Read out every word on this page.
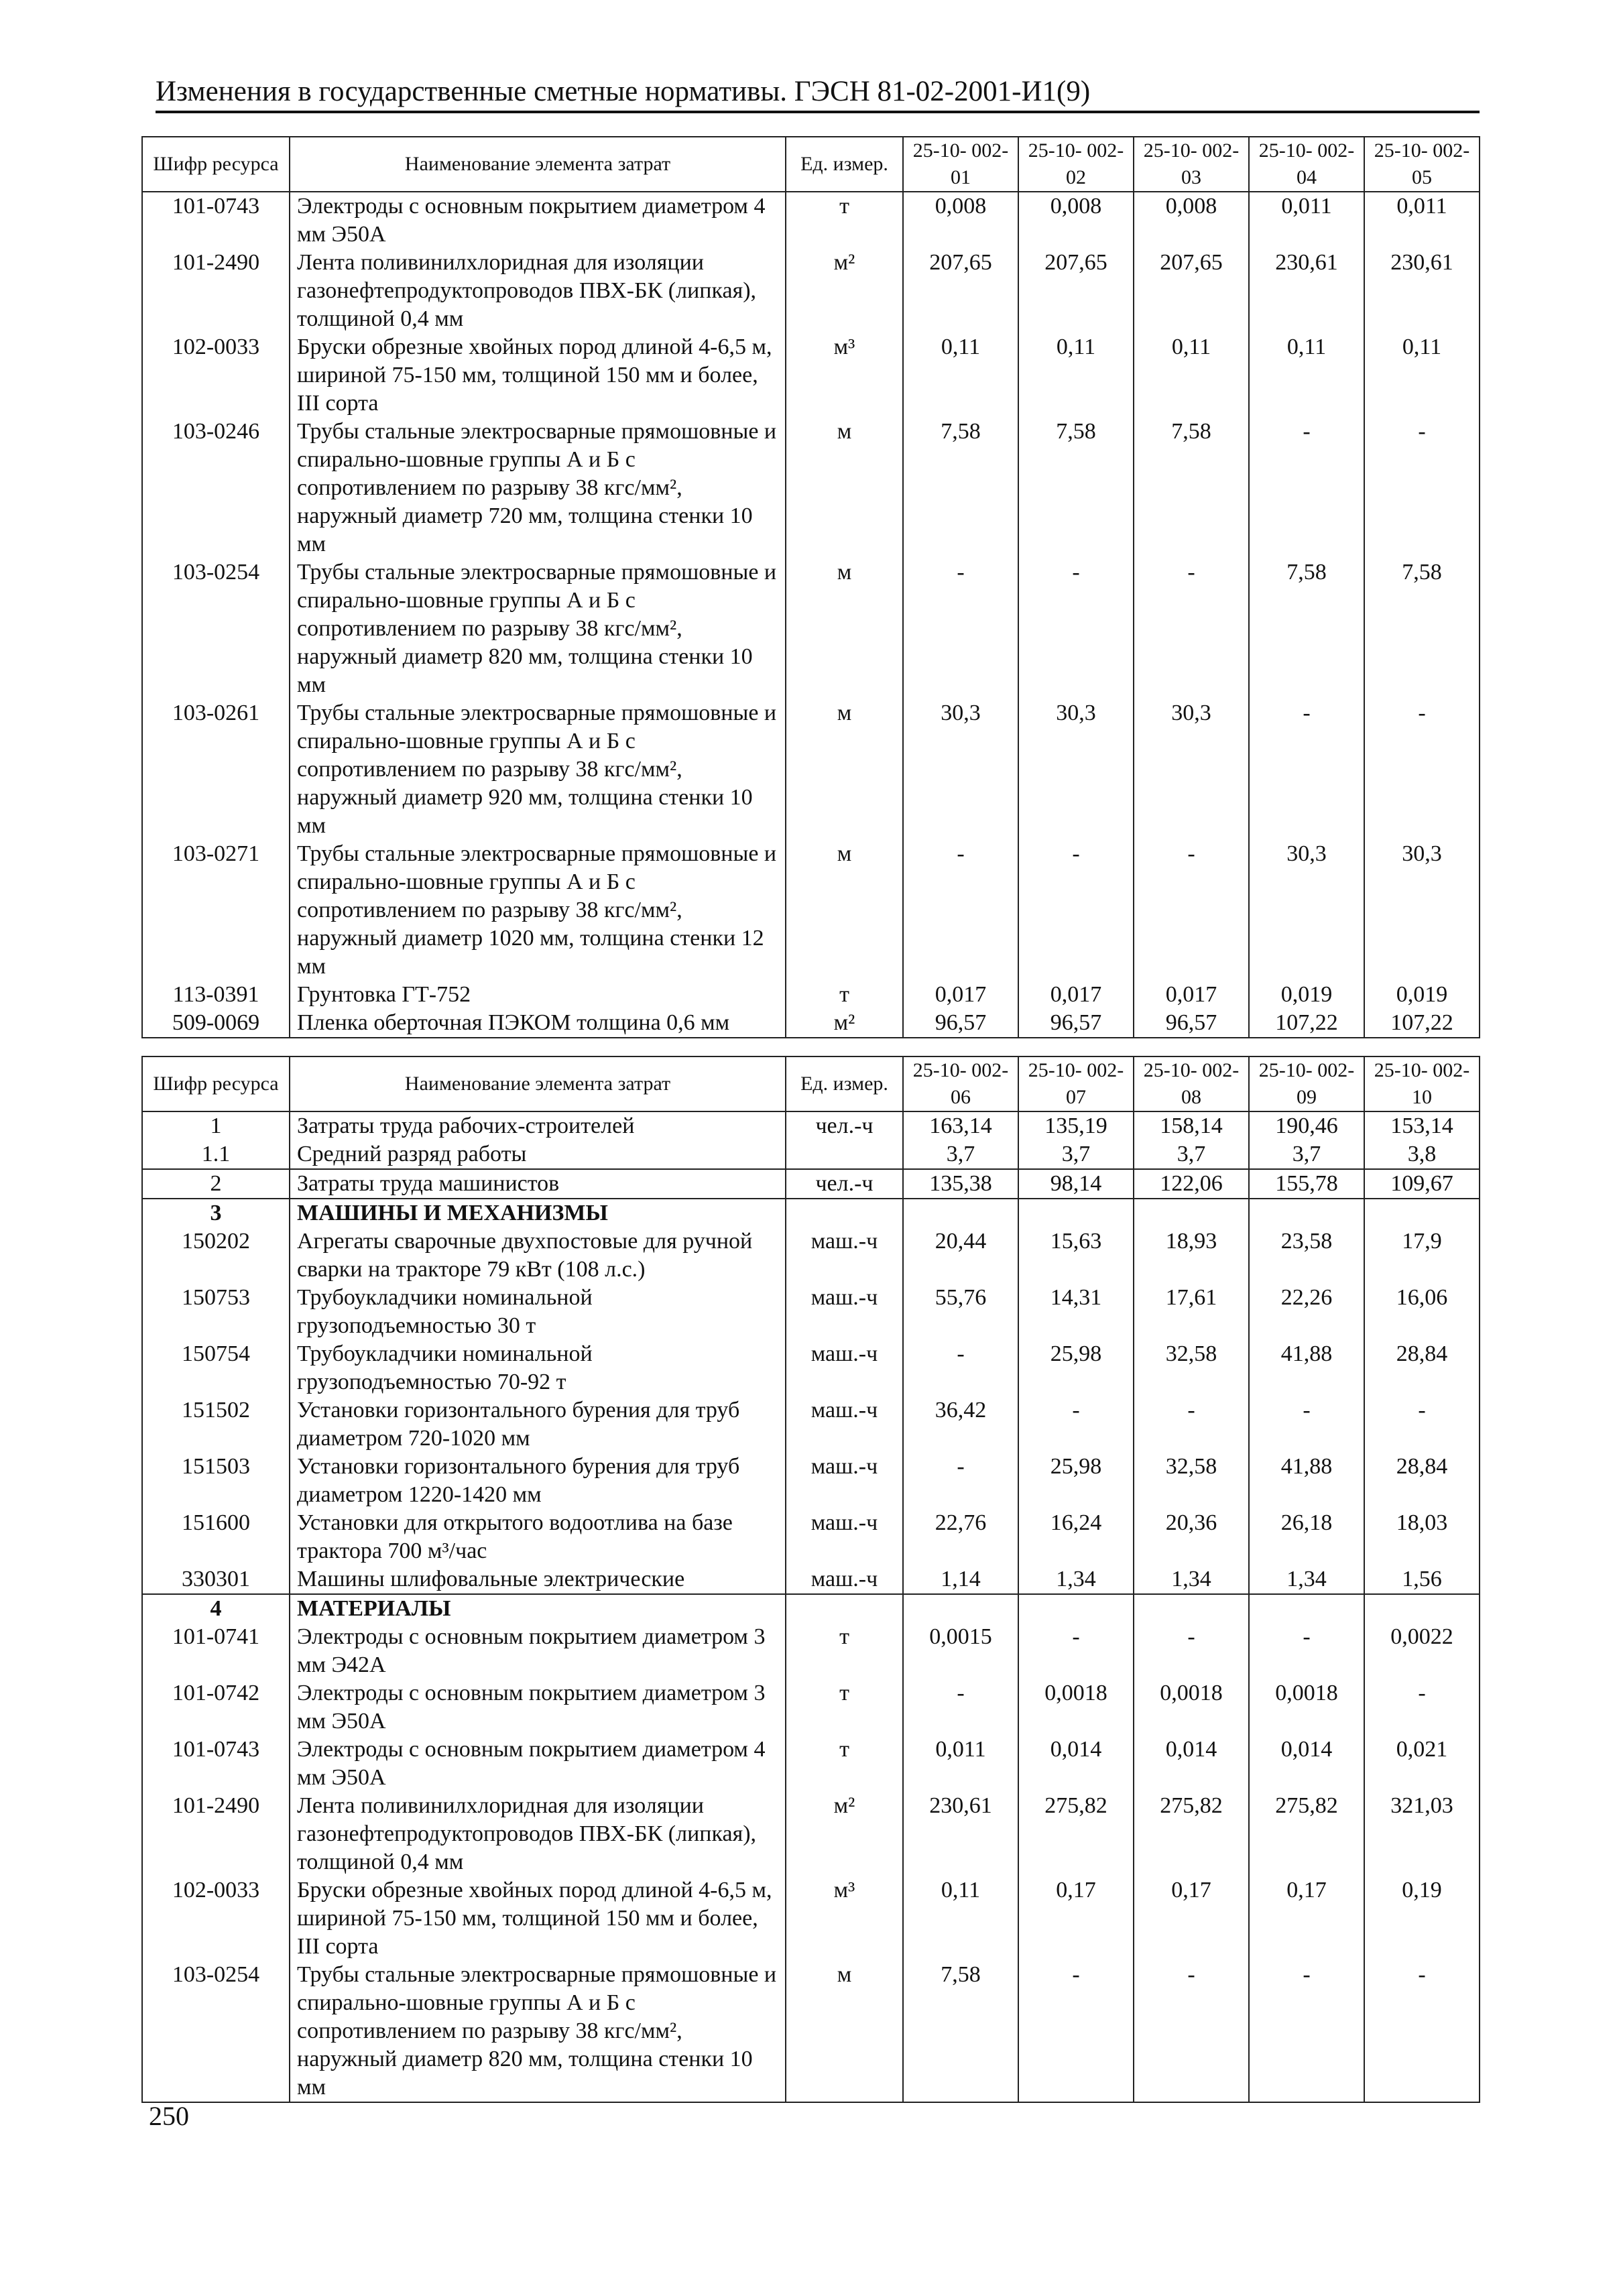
Изменения в государственные сметные нормативы. ГЭСН 81-02-2001-И1(9)
Шифр ресурса	Наименование элемента затрат	Ед. измер.	25-10- 002-01	25-10- 002-02	25-10- 002-03	25-10- 002-04	25-10- 002-05
101-0743	Электроды с основным покрытием диаметром 4 мм Э50А	т	0,008	0,008	0,008	0,011	0,011
101-2490	Лента поливинилхлоридная для изоляции газонефтепродуктопроводов ПВХ-БК (липкая), толщиной 0,4 мм	м²	207,65	207,65	207,65	230,61	230,61
102-0033	Бруски обрезные хвойных пород длиной 4-6,5 м, шириной 75-150 мм, толщиной 150 мм и более, III сорта	м³	0,11	0,11	0,11	0,11	0,11
103-0246	Трубы стальные электросварные прямошовные и спирально-шовные группы А и Б с сопротивлением по разрыву 38 кгс/мм², наружный диаметр 720 мм, толщина стенки 10 мм	м	7,58	7,58	7,58	-	-
103-0254	Трубы стальные электросварные прямошовные и спирально-шовные группы А и Б с сопротивлением по разрыву 38 кгс/мм², наружный диаметр 820 мм, толщина стенки 10 мм	м	-	-	-	7,58	7,58
103-0261	Трубы стальные электросварные прямошовные и спирально-шовные группы А и Б с сопротивлением по разрыву 38 кгс/мм², наружный диаметр 920 мм, толщина стенки 10 мм	м	30,3	30,3	30,3	-	-
103-0271	Трубы стальные электросварные прямошовные и спирально-шовные группы А и Б с сопротивлением по разрыву 38 кгс/мм², наружный диаметр 1020 мм, толщина стенки 12 мм	м	-	-	-	30,3	30,3
113-0391	Грунтовка ГТ-752	т	0,017	0,017	0,017	0,019	0,019
509-0069	Пленка оберточная ПЭКОМ толщина 0,6 мм	м²	96,57	96,57	96,57	107,22	107,22
Шифр ресурса	Наименование элемента затрат	Ед. измер.	25-10- 002-06	25-10- 002-07	25-10- 002-08	25-10- 002-09	25-10- 002-10
1	Затраты труда рабочих-строителей	чел.-ч	163,14	135,19	158,14	190,46	153,14
1.1	Средний разряд работы		3,7	3,7	3,7	3,7	3,8
2	Затраты труда машинистов	чел.-ч	135,38	98,14	122,06	155,78	109,67
3	МАШИНЫ И МЕХАНИЗМЫ						
150202	Агрегаты сварочные двухпостовые для ручной сварки на тракторе 79 кВт (108 л.с.)	маш.-ч	20,44	15,63	18,93	23,58	17,9
150753	Трубоукладчики номинальной грузоподъемностью 30 т	маш.-ч	55,76	14,31	17,61	22,26	16,06
150754	Трубоукладчики номинальной грузоподъемностью 70-92 т	маш.-ч	-	25,98	32,58	41,88	28,84
151502	Установки горизонтального бурения для труб диаметром 720-1020 мм	маш.-ч	36,42	-	-	-	-
151503	Установки горизонтального бурения для труб диаметром 1220-1420 мм	маш.-ч	-	25,98	32,58	41,88	28,84
151600	Установки для открытого водоотлива на базе трактора 700 м³/час	маш.-ч	22,76	16,24	20,36	26,18	18,03
330301	Машины шлифовальные электрические	маш.-ч	1,14	1,34	1,34	1,34	1,56
4	МАТЕРИАЛЫ						
101-0741	Электроды с основным покрытием диаметром 3 мм Э42А	т	0,0015	-	-	-	0,0022
101-0742	Электроды с основным покрытием диаметром 3 мм Э50А	т	-	0,0018	0,0018	0,0018	-
101-0743	Электроды с основным покрытием диаметром 4 мм Э50А	т	0,011	0,014	0,014	0,014	0,021
101-2490	Лента поливинилхлоридная для изоляции газонефтепродуктопроводов ПВХ-БК (липкая), толщиной 0,4 мм	м²	230,61	275,82	275,82	275,82	321,03
102-0033	Бруски обрезные хвойных пород длиной 4-6,5 м, шириной 75-150 мм, толщиной 150 мм и более, III сорта	м³	0,11	0,17	0,17	0,17	0,19
103-0254	Трубы стальные электросварные прямошовные и спирально-шовные группы А и Б с сопротивлением по разрыву 38 кгс/мм², наружный диаметр 820 мм, толщина стенки 10 мм	м	7,58	-	-	-	-
250
